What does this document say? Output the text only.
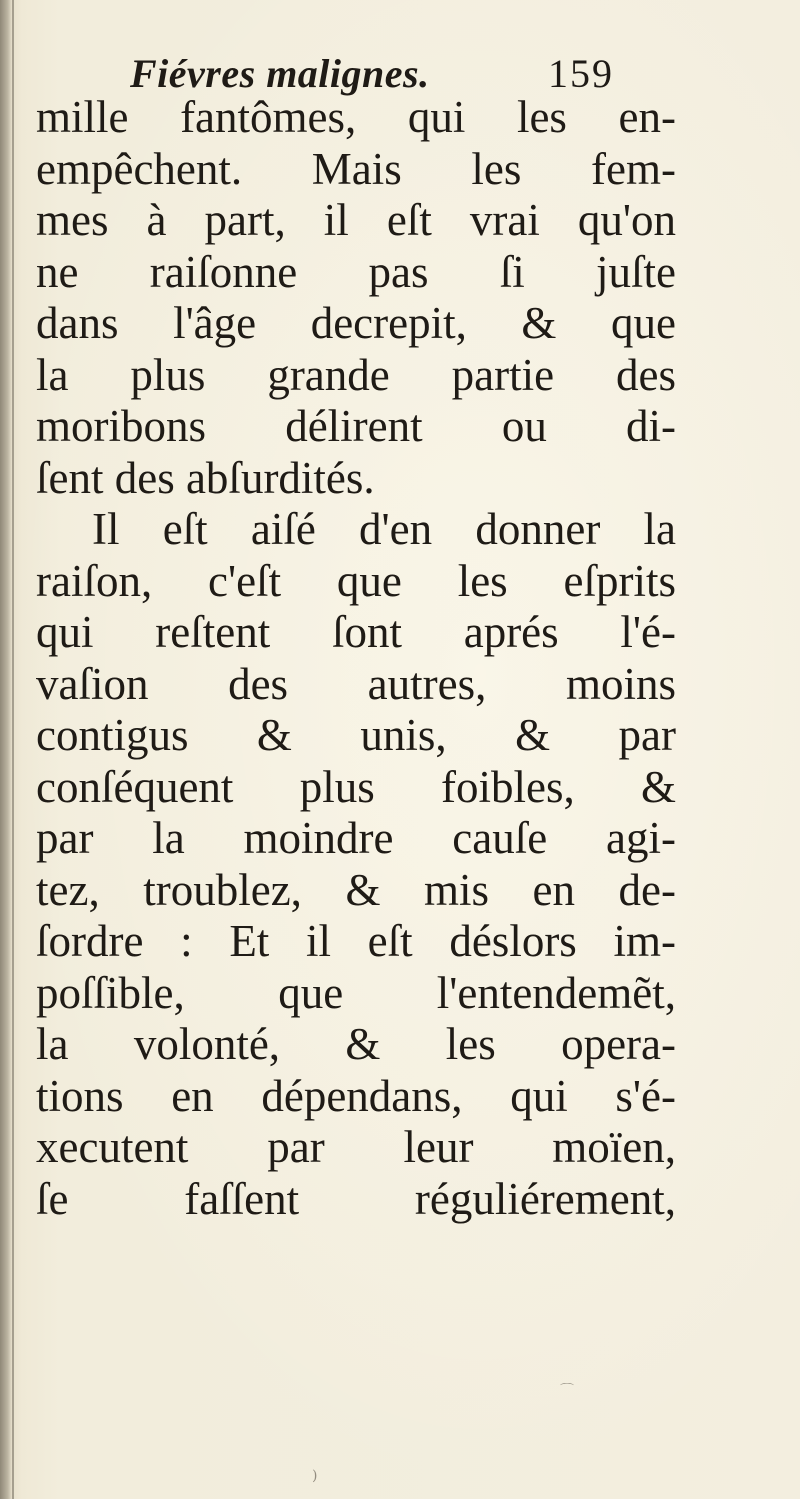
Fiévres malignes.	159
mille fantômes, qui les en-
empêchent. Mais les fem-
mes à part, il eſt vrai qu'on
ne raiſonne pas ſi juſte
dans l'âge decrepit, & que
la plus grande partie des
moribons délirent ou di-
ſent des abſurdités.
Il eſt aiſé d'en donner la
raiſon, c'eſt que les eſprits
qui reſtent ſont aprés l'é-
vaſion des autres, moins
contigus & unis, & par
conſéquent plus foibles, &
par la moindre cauſe agi-
tez, troublez, & mis en de-
ſordre : Et il eſt déslors im-
poſſible, que l'entendemẽt,
la volonté, & les opera-
tions en dépendans, qui s'é-
xecutent par leur moïen,
ſe faſſent réguliérement,
⌒
)
